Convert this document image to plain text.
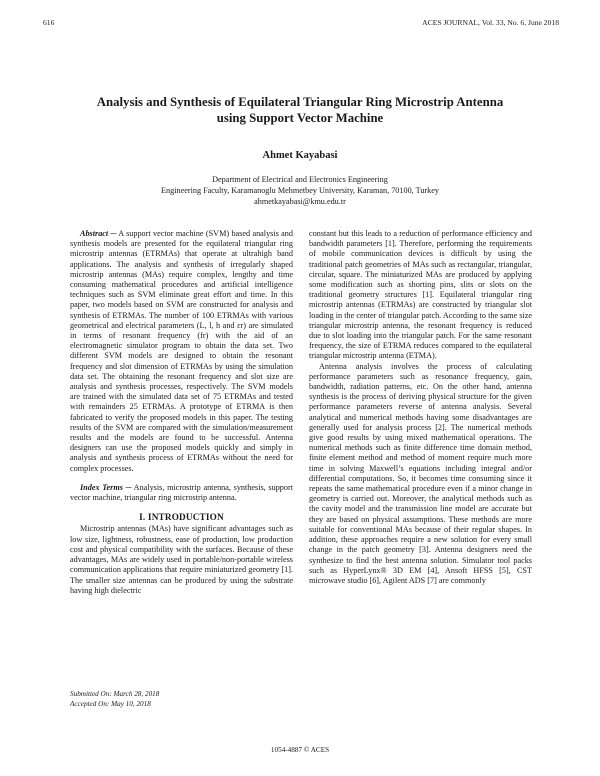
616	ACES JOURNAL, Vol. 33, No. 6, June 2018
Analysis and Synthesis of Equilateral Triangular Ring Microstrip Antenna
using Support Vector Machine
Ahmet Kayabasi
Department of Electrical and Electronics Engineering
Engineering Faculty, Karamanoglu Mehmetbey University, Karaman, 70100, Turkey
ahmetkayabasi@kmu.edu.tr

Abstract ─ A support vector machine (SVM) based analysis and synthesis models are presented for the equilateral triangular ring microstrip antennas (ETRMAs) that operate at ultrahigh band applications. The analysis and synthesis of irregularly shaped microstrip antennas (MAs) require complex, lengthy and time consuming mathematical procedures and artificial intelligence techniques such as SVM eliminate great effort and time. In this paper, two models based on SVM are constructed for analysis and synthesis of ETRMAs. The number of 100 ETRMAs with various geometrical and electrical parameters (L, l, h and εr) are simulated in terms of resonant frequency (fr) with the aid of an electromagnetic simulator program to obtain the data set. Two different SVM models are designed to obtain the resonant frequency and slot dimension of ETRMAs by using the simulation data set. The obtaining the resonant frequency and slot size are analysis and synthesis processes, respectively. The SVM models are trained with the simulated data set of 75 ETRMAs and tested with remainders 25 ETRMAs. A prototype of ETRMA is then fabricated to verify the proposed models in this paper. The testing results of the SVM are compared with the simulation/measurement results and the models are found to be successful. Antenna designers can use the proposed models quickly and simply in analysis and synthesis process of ETRMAs without the need for complex processes.

Index Terms ─ Analysis, microstrip antenna, synthesis, support vector machine, triangular ring microstrip antenna.

I. INTRODUCTION

Microstrip antennas (MAs) have significant advantages such as low size, lightness, robustness, ease of production, low production cost and physical compatibility with the surfaces. Because of these advantages, MAs are widely used in portable/non-portable wireless communication applications that require miniaturized geometry [1]. The smaller size antennas can be produced by using the substrate having high dielectric

constant but this leads to a reduction of performance efficiency and bandwidth parameters [1]. Therefore, performing the requirements of mobile communication devices is difficult by using the traditional patch geometries of MAs such as rectangular, triangular, circular, square. The miniaturized MAs are produced by applying some modification such as shorting pins, slits or slots on the traditional geometry structures [1]. Equilateral triangular ring microstrip antennas (ETRMAs) are constructed by triangular slot loading in the center of triangular patch. According to the same size triangular microstrip antenna, the resonant frequency is reduced due to slot loading into the triangular patch. For the same resonant frequency, the size of ETRMA reduces compared to the equilateral triangular microstrip antenna (ETMA).

Antenna analysis involves the process of calculating performance parameters such as resonance frequency, gain, bandwidth, radiation patterns, etc. On the other hand, antenna synthesis is the process of deriving physical structure for the given performance parameters reverse of antenna analysis. Several analytical and numerical methods having some disadvantages are generally used for analysis process [2]. The numerical methods give good results by using mixed mathematical operations. The numerical methods such as finite difference time domain method, finite element method and method of moment require much more time in solving Maxwell’s equations including integral and/or differential computations. So, it becomes time consuming since it repeats the same mathematical procedure even if a minor change in geometry is carried out. Moreover, the analytical methods such as the cavity model and the transmission line model are accurate but they are based on physical assumptions. These methods are more suitable for conventional MAs because of their regular shapes. In addition, these approaches require a new solution for every small change in the patch geometry [3]. Antenna designers need the synthesize to find the best antenna solution. Simulator tool packs such as HyperLynx® 3D EM [4], Ansoft HFSS [5], CST microwave studio [6], Agilent ADS [7] are commonly

Submitted On: March 28, 2018
Accepted On: May 10, 2018
1054-4887 © ACES
